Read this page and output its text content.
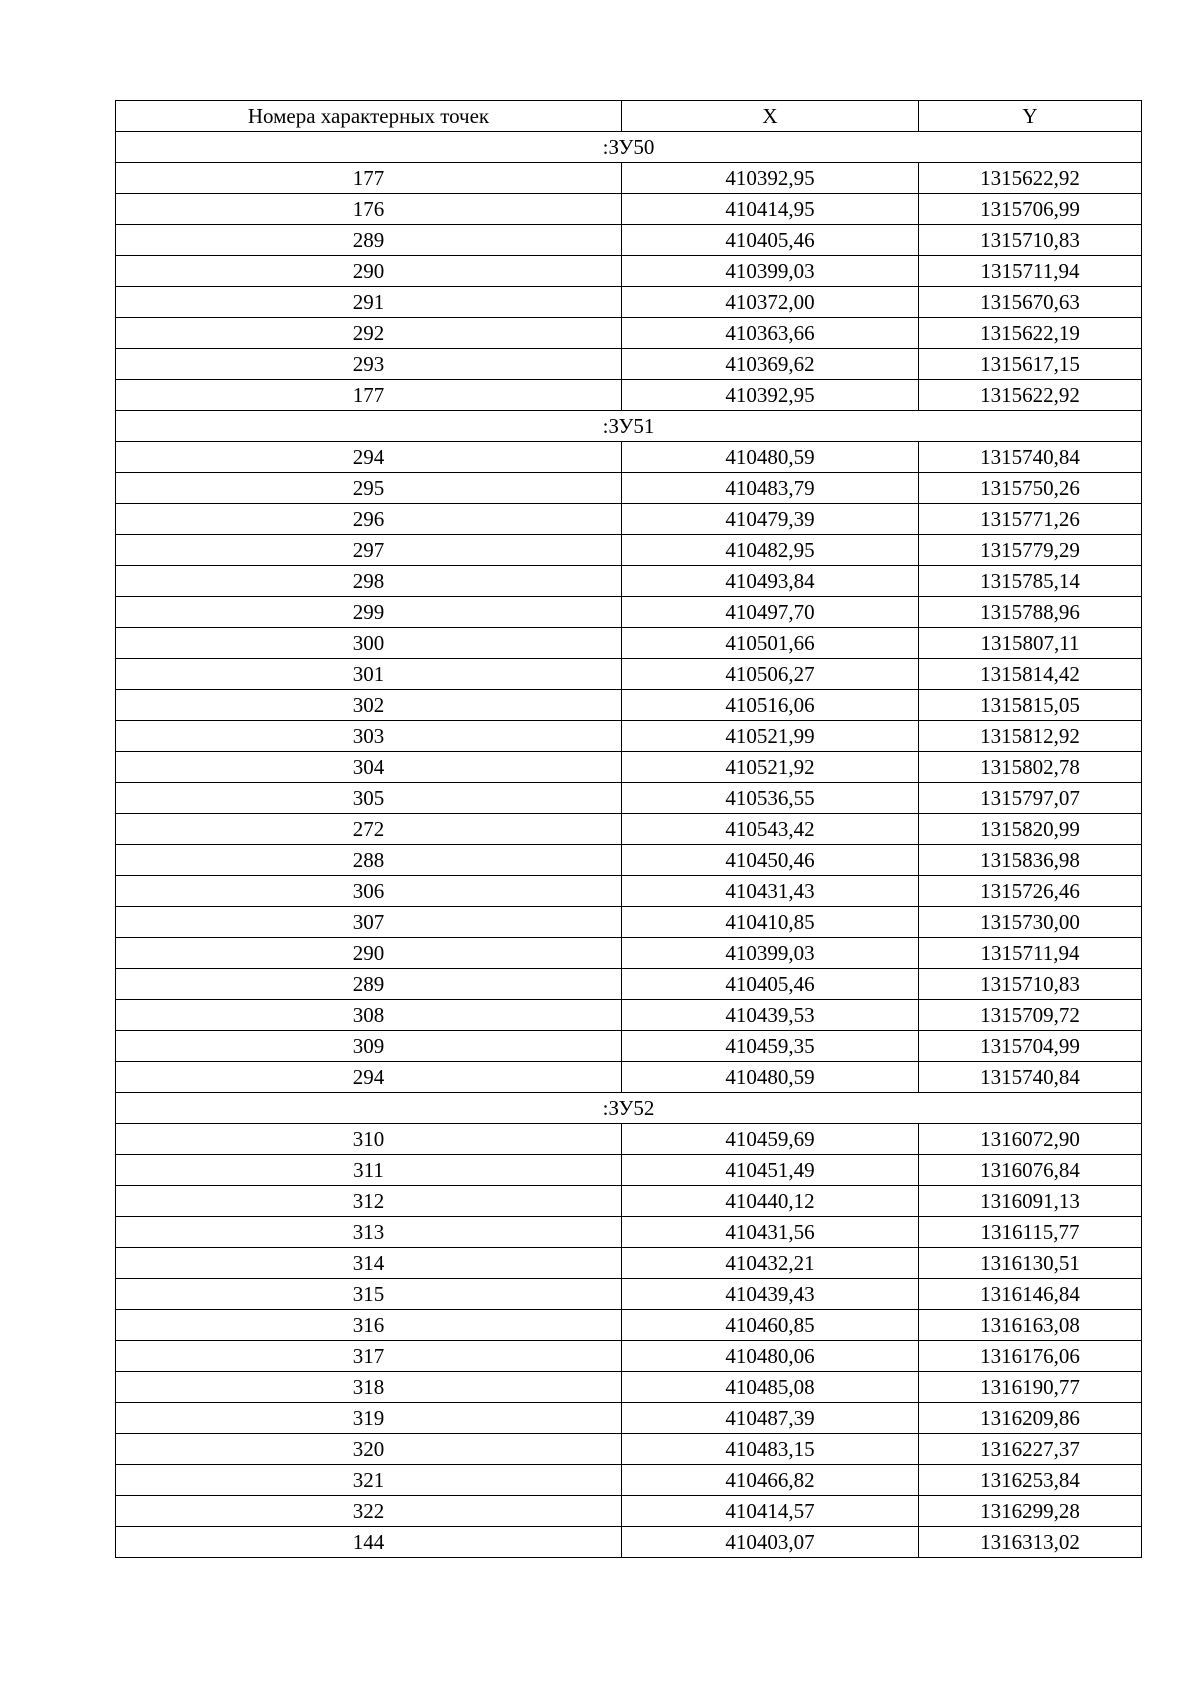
Номера характерных точек	X	Y
:ЗУ50		
177	410392,95	1315622,92
176	410414,95	1315706,99
289	410405,46	1315710,83
290	410399,03	1315711,94
291	410372,00	1315670,63
292	410363,66	1315622,19
293	410369,62	1315617,15
177	410392,95	1315622,92
:ЗУ51		
294	410480,59	1315740,84
295	410483,79	1315750,26
296	410479,39	1315771,26
297	410482,95	1315779,29
298	410493,84	1315785,14
299	410497,70	1315788,96
300	410501,66	1315807,11
301	410506,27	1315814,42
302	410516,06	1315815,05
303	410521,99	1315812,92
304	410521,92	1315802,78
305	410536,55	1315797,07
272	410543,42	1315820,99
288	410450,46	1315836,98
306	410431,43	1315726,46
307	410410,85	1315730,00
290	410399,03	1315711,94
289	410405,46	1315710,83
308	410439,53	1315709,72
309	410459,35	1315704,99
294	410480,59	1315740,84
:ЗУ52		
310	410459,69	1316072,90
311	410451,49	1316076,84
312	410440,12	1316091,13
313	410431,56	1316115,77
314	410432,21	1316130,51
315	410439,43	1316146,84
316	410460,85	1316163,08
317	410480,06	1316176,06
318	410485,08	1316190,77
319	410487,39	1316209,86
320	410483,15	1316227,37
321	410466,82	1316253,84
322	410414,57	1316299,28
144	410403,07	1316313,02
